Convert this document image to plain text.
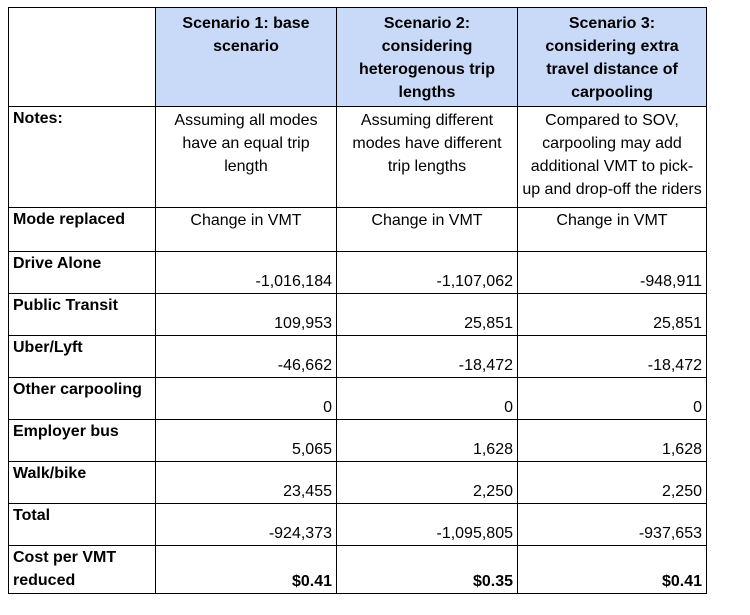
	Scenario 1: base scenario	Scenario 2: considering heterogenous trip lengths	Scenario 3: considering extra travel distance of carpooling
Notes:	Assuming all modes have an equal trip length	Assuming different modes have different trip lengths	Compared to SOV, carpooling may add additional VMT to pick-up and drop-off the riders
Mode replaced	Change in VMT	Change in VMT	Change in VMT
Drive Alone	-1,016,184	-1,107,062	-948,911
Public Transit	109,953	25,851	25,851
Uber/Lyft	-46,662	-18,472	-18,472
Other carpooling	0	0	0
Employer bus	5,065	1,628	1,628
Walk/bike	23,455	2,250	2,250
Total	-924,373	-1,095,805	-937,653
Cost per VMT reduced	$0.41	$0.35	$0.41
